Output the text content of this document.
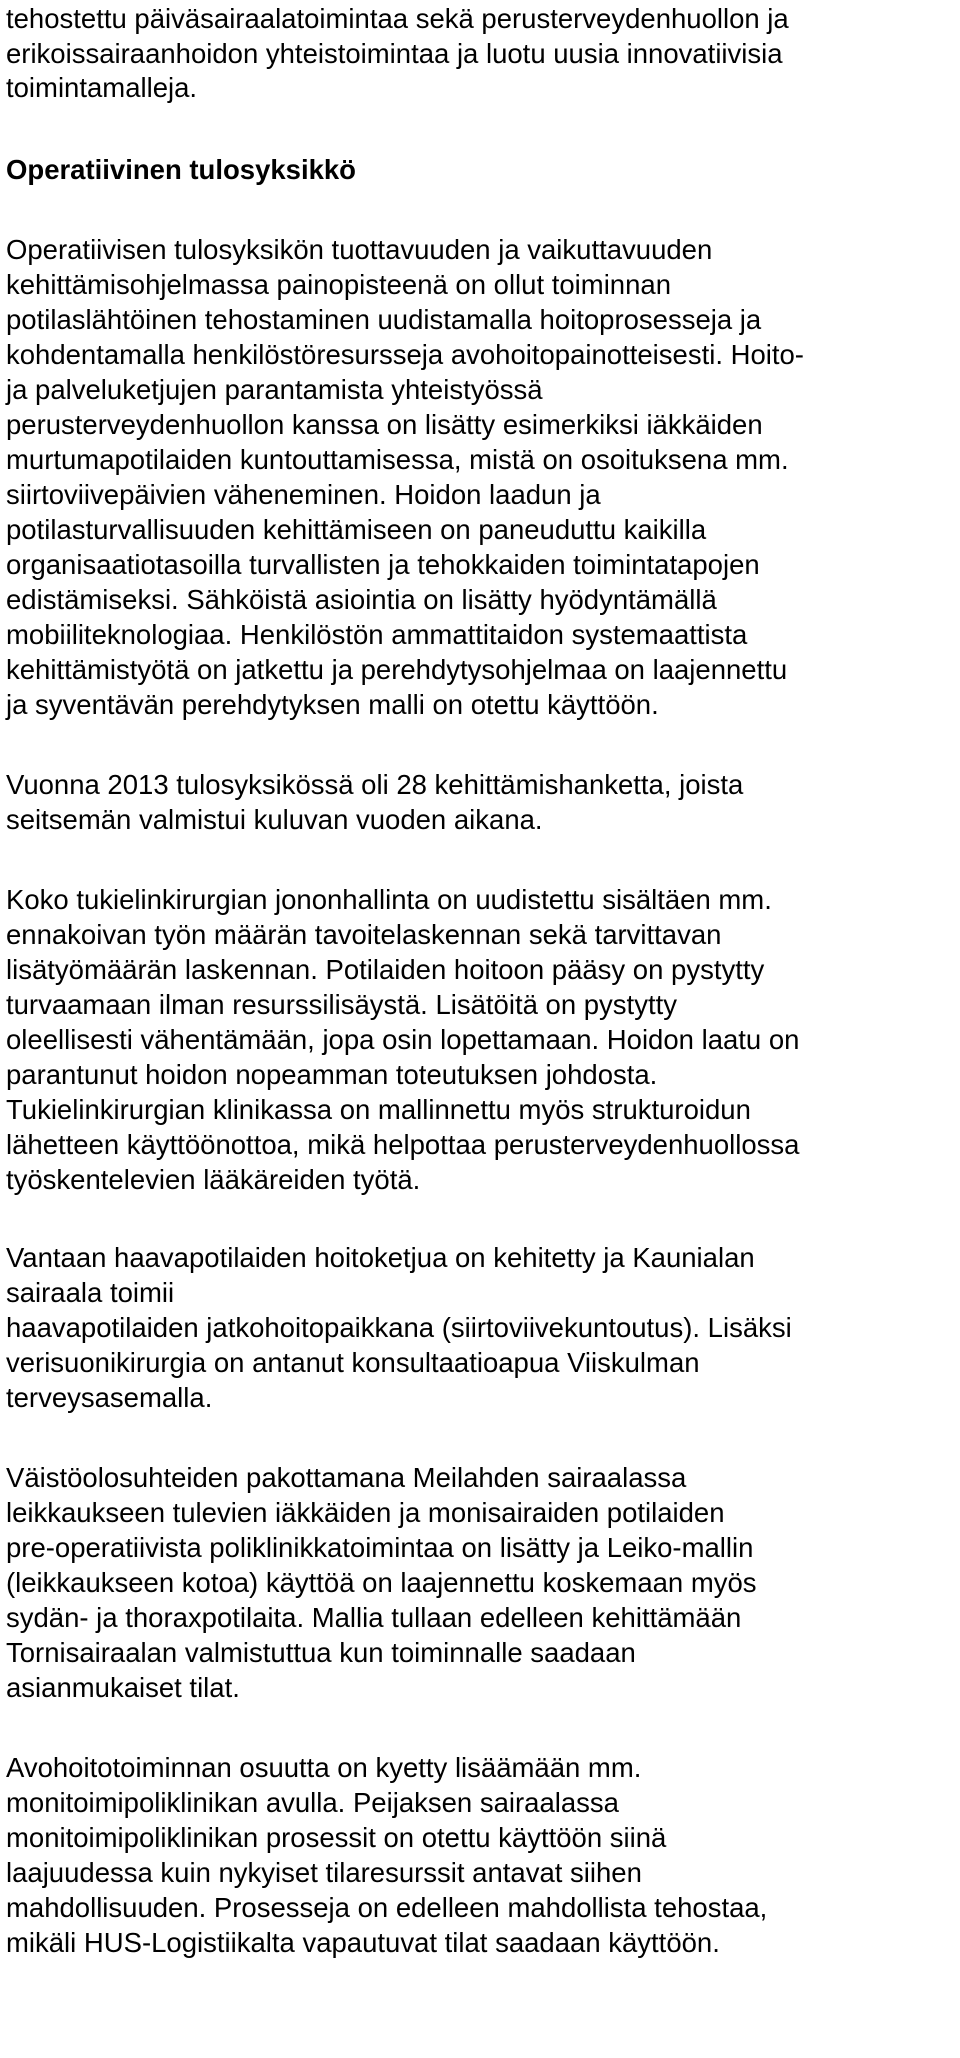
tehostettu päiväsairaalatoimintaa sekä perusterveydenhuollon ja
erikoissairaanhoidon yhteistoimintaa ja luotu uusia innovatiivisia
toimintamalleja.
Operatiivinen tulosyksikkö
Operatiivisen tulosyksikön tuottavuuden ja vaikuttavuuden
kehittämisohjelmassa painopisteenä on ollut toiminnan
potilaslähtöinen tehostaminen uudistamalla hoitoprosesseja ja
kohdentamalla henkilöstöresursseja avohoitopainotteisesti. Hoito-
ja palveluketjujen parantamista yhteistyössä
perusterveydenhuollon kanssa on lisätty esimerkiksi iäkkäiden
murtumapotilaiden kuntouttamisessa, mistä on osoituksena mm.
siirtoviivepäivien väheneminen. Hoidon laadun ja
potilasturvallisuuden kehittämiseen on paneuduttu kaikilla
organisaatiotasoilla turvallisten ja tehokkaiden toimintatapojen
edistämiseksi. Sähköistä asiointia on lisätty hyödyntämällä
mobiiliteknologiaa. Henkilöstön ammattitaidon systemaattista
kehittämistyötä on jatkettu ja perehdytysohjelmaa on laajennettu
ja syventävän perehdytyksen malli on otettu käyttöön.
Vuonna 2013 tulosyksikössä oli 28 kehittämishanketta, joista
seitsemän valmistui kuluvan vuoden aikana.
Koko tukielinkirurgian jononhallinta on uudistettu sisältäen mm.
ennakoivan työn määrän tavoitelaskennan sekä tarvittavan
lisätyömäärän laskennan. Potilaiden hoitoon pääsy on pystytty
turvaamaan ilman resurssilisäystä. Lisätöitä on pystytty
oleellisesti vähentämään, jopa osin lopettamaan. Hoidon laatu on
parantunut hoidon nopeamman toteutuksen johdosta.
Tukielinkirurgian klinikassa on mallinnettu myös strukturoidun
lähetteen käyttöönottoa, mikä helpottaa perusterveydenhuollossa
työskentelevien lääkäreiden työtä.
Vantaan haavapotilaiden hoitoketjua on kehitetty ja Kaunialan
sairaala toimii
haavapotilaiden jatkohoitopaikkana (siirtoviivekuntoutus). Lisäksi
verisuonikirurgia on antanut konsultaatioapua Viiskulman
terveysasemalla.
Väistöolosuhteiden pakottamana Meilahden sairaalassa
leikkaukseen tulevien iäkkäiden ja monisairaiden potilaiden
pre-operatiivista poliklinikkatoimintaa on lisätty ja Leiko-mallin
(leikkaukseen kotoa) käyttöä on laajennettu koskemaan myös
sydän- ja thoraxpotilaita. Mallia tullaan edelleen kehittämään
Tornisairaalan valmistuttua kun toiminnalle saadaan
asianmukaiset tilat.
Avohoitotoiminnan osuutta on kyetty lisäämään mm.
monitoimipoliklinikan avulla. Peijaksen sairaalassa
monitoimipoliklinikan prosessit on otettu käyttöön siinä
laajuudessa kuin nykyiset tilaresurssit antavat siihen
mahdollisuuden. Prosesseja on edelleen mahdollista tehostaa,
mikäli HUS-Logistiikalta vapautuvat tilat saadaan käyttöön.
